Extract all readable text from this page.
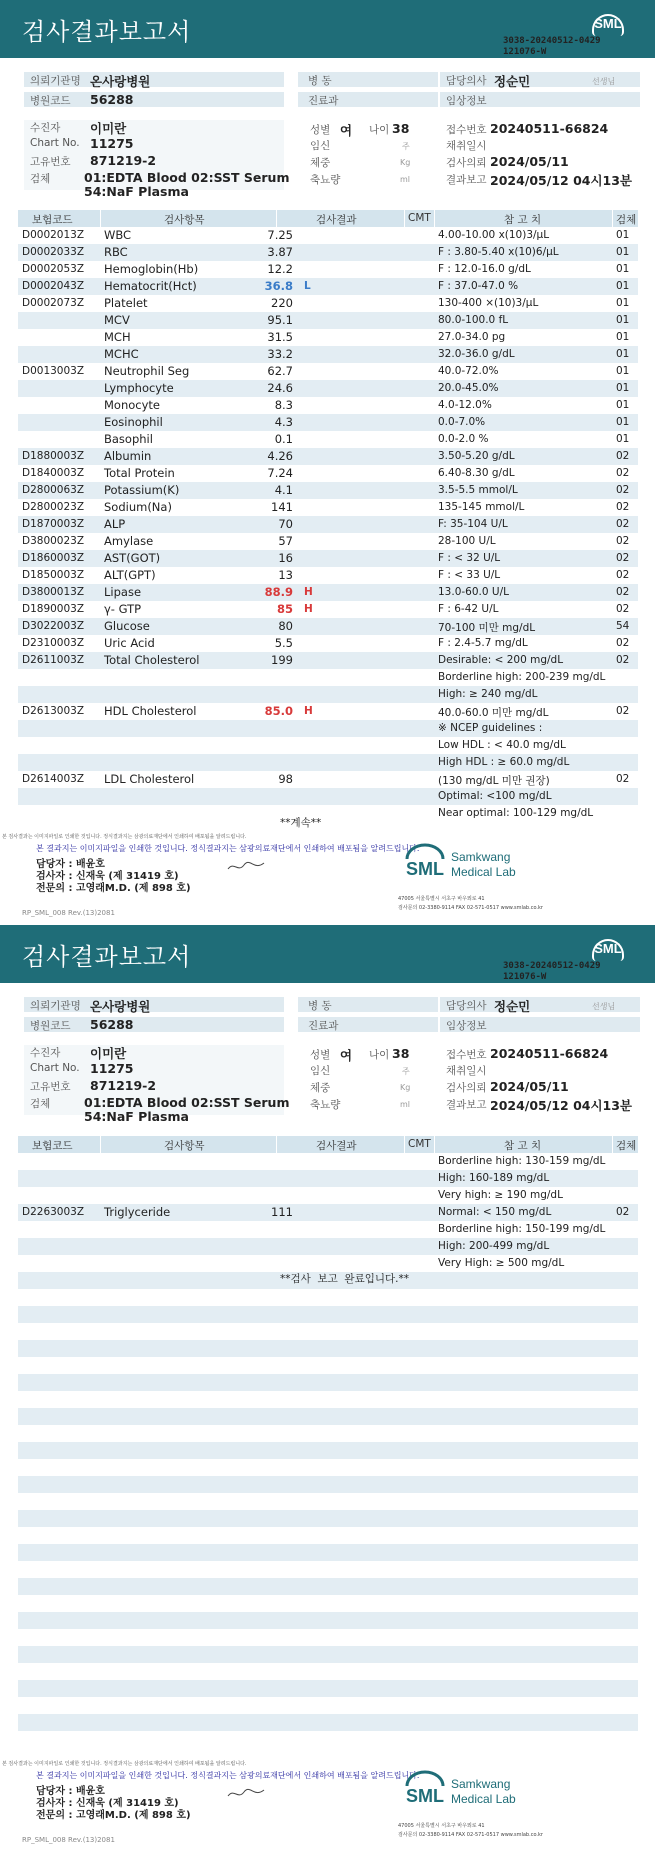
검사결과보고서	SML
3038-20240512-0429
121076-W
의뢰기관명 온사랑병원
병원코드 56288
병 동
진료과
담당의사 정순민	선생님
임상정보
수진자 이미란
Chart No. 11275
고유번호 871219-2
검체	01:EDTA Blood 02:SST Serum
54:NaF Plasma
성별 여 나이 38
임신	주
체중	Kg
축뇨량	ml
접수번호 20240511-66824
채취일시
검사의뢰 2024/05/11
결과보고 2024/05/12 04시13분
보험코드	검사항목	검사결과	CMT	참 고 치	검체
D0002013Z WBC	7.25	4.00-10.00 x(10)3/μL	01
D0002033Z RBC	3.87	F : 3.80-5.40 x(10)6/μL	01
D0002053Z Hemoglobin(Hb)	12.2	F : 12.0-16.0 g/dL	01
D0002043Z Hematocrit(Hct)	36.8 L	F : 37.0-47.0 %	01
D0002073Z Platelet	220	130-400 ×(10)3/μL	01
MCV	95.1	80.0-100.0 fL	01
MCH	31.5	27.0-34.0 pg	01
MCHC	33.2	32.0-36.0 g/dL	01
D0013003Z Neutrophil Seg	62.7	40.0-72.0%	01
Lymphocyte	24.6	20.0-45.0%	01
Monocyte	8.3	4.0-12.0%	01
Eosinophil	4.3	0.0-7.0%	01
Basophil	0.1	0.0-2.0 %	01
D1880003Z Albumin	4.26	3.50-5.20 g/dL	02
D1840003Z Total Protein	7.24	6.40-8.30 g/dL	02
D2800063Z Potassium(K)	4.1	3.5-5.5 mmol/L	02
D2800023Z Sodium(Na)	141	135-145 mmol/L	02
D1870003Z ALP	70	F: 35-104 U/L	02
D3800023Z Amylase	57	28-100 U/L	02
D1860003Z AST(GOT)	16	F : < 32 U/L	02
D1850003Z ALT(GPT)	13	F : < 33 U/L	02
D3800013Z Lipase	88.9 H	13.0-60.0 U/L	02
D1890003Z γ- GTP	85 H	F : 6-42 U/L	02
D3022003Z Glucose	80	70-100 미만 mg/dL	54
D2310003Z Uric Acid	5.5	F : 2.4-5.7 mg/dL	02
D2611003Z Total Cholesterol	199	Desirable: < 200 mg/dL	02
Borderline high: 200-239 mg/dL
High: ≥ 240 mg/dL
D2613003Z HDL Cholesterol	85.0 H	40.0-60.0 미만 mg/dL	02
※ NCEP guidelines :
Low HDL : < 40.0 mg/dL
High HDL : ≥ 60.0 mg/dL
D2614003Z LDL Cholesterol	98	(130 mg/dL 미만 권장)	02
Optimal: <100 mg/dL
Near optimal: 100-129 mg/dL
**계속**
본 검사결과는 이미지파일로 인쇄한 것입니다. 정식결과지는 삼광의료재단에서 인쇄하여 배포됨을 알려드립니다.
본 결과지는 이미지파일을 인쇄한 것입니다. 정식결과지는 삼광의료재단에서 인쇄하여 배포됨을 알려드립니다.
담당자 : 배윤호
검사자 : 신재욱 (제 31419 호)
전문의 : 고영래M.D. (제 898 호)
SML
Samkwang
Medical Lab
47005 서울특별시 서초구 바우뫼로 41
검사문의 02-3380-9114 FAX 02-571-0517 www.smlab.co.kr
RP_SML_008 Rev.(13)2081
검사결과보고서	SML
3038-20240512-0429
121076-W
의뢰기관명 온사랑병원
병원코드 56288
병 동
진료과
담당의사 정순민	선생님
임상정보
수진자 이미란
Chart No. 11275
고유번호 871219-2
검체	01:EDTA Blood 02:SST Serum
54:NaF Plasma
성별 여 나이 38
임신	주
체중	Kg
축뇨량	ml
접수번호 20240511-66824
채취일시
검사의뢰 2024/05/11
결과보고 2024/05/12 04시13분
보험코드	검사항목	검사결과	CMT	참 고 치	검체
Borderline high: 130-159 mg/dL
High: 160-189 mg/dL
Very high: ≥ 190 mg/dL
D2263003Z Triglyceride	111	Normal: < 150 mg/dL	02
Borderline high: 150-199 mg/dL
High: 200-499 mg/dL
Very High: ≥ 500 mg/dL
**검사  보고  완료입니다.**
본 검사결과는 이미지파일로 인쇄한 것입니다. 정식결과지는 삼광의료재단에서 인쇄하여 배포됨을 알려드립니다.
본 결과지는 이미지파일을 인쇄한 것입니다. 정식결과지는 삼광의료재단에서 인쇄하여 배포됨을 알려드립니다.
담당자 : 배윤호
검사자 : 신재욱 (제 31419 호)
전문의 : 고영래M.D. (제 898 호)
SML
Samkwang
Medical Lab
47005 서울특별시 서초구 바우뫼로 41
검사문의 02-3380-9114 FAX 02-571-0517 www.smlab.co.kr
RP_SML_008 Rev.(13)2081
